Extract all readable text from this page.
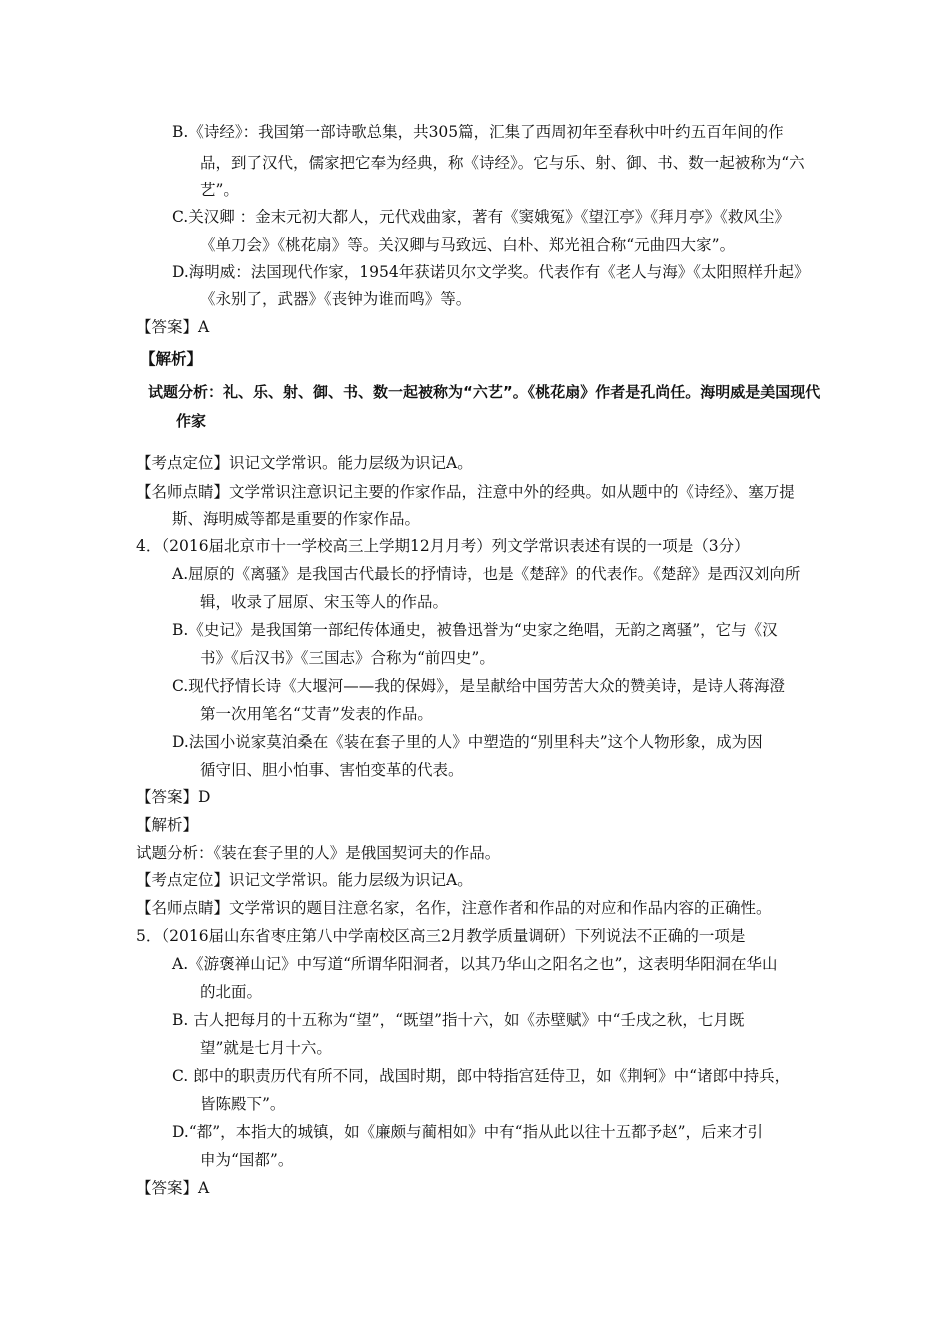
B.《诗经》：我国第一部诗歌总集，共305篇，汇集了西周初年至春秋中叶约五百年间的作
品，到了汉代，儒家把它奉为经典，称《诗经》。它与乐、射、御、书、数一起被称为“六
艺”。
C.关汉卿 ：金末元初大都人，元代戏曲家，著有《窦娥冤》《望江亭》《拜月亭》《救风尘》
《单刀会》《桃花扇》等。关汉卿与马致远、白朴、郑光祖合称“元曲四大家”。
D.海明威：法国现代作家，1954年获诺贝尔文学奖。代表作有《老人与海》《太阳照样升起》
《永别了，武器》《丧钟为谁而鸣》等。
【答案】A
【解析】
试题分析：礼、乐、射、御、书、数一起被称为“六艺”。《桃花扇》作者是孔尚任。海明威是美国现代
作家
【考点定位】识记文学常识。能力层级为识记A。
【名师点睛】文学常识注意识记主要的作家作品，注意中外的经典。如从题中的《诗经》、塞万提
斯、海明威等都是重要的作家作品。
4．（2016届北京市十一学校高三上学期12月月考）列文学常识表述有误的一项是（3分）
A.屈原的《离骚》是我国古代最长的抒情诗，也是《楚辞》的代表作。《楚辞》是西汉刘向所
辑，收录了屈原、宋玉等人的作品。
B.《史记》是我国第一部纪传体通史，被鲁迅誉为“史家之绝唱，无韵之离骚”，它与《汉
书》《后汉书》《三国志》合称为“前四史”。
C.现代抒情长诗《大堰河——我的保姆》，是呈献给中国劳苦大众的赞美诗，是诗人蒋海澄
第一次用笔名“艾青”发表的作品。
D.法国小说家莫泊桑在《装在套子里的人》中塑造的“别里科夫”这个人物形象，成为因
循守旧、胆小怕事、害怕变革的代表。
【答案】D
【解析】
试题分析：《装在套子里的人》是俄国契诃夫的作品。
【考点定位】识记文学常识。能力层级为识记A。
【名师点睛】文学常识的题目注意名家，名作，注意作者和作品的对应和作品内容的正确性。
5．（2016届山东省枣庄第八中学南校区高三2月教学质量调研）下列说法不正确的一项是
A.《游褒禅山记》中写道“所谓华阳洞者，以其乃华山之阳名之也”，这表明华阳洞在华山
的北面。
B. 古人把每月的十五称为“望”，“既望”指十六，如《赤壁赋》中“壬戌之秋，七月既
望”就是七月十六。
C. 郎中的职责历代有所不同，战国时期，郎中特指宫廷侍卫，如《荆轲》中“诸郎中持兵，
皆陈殿下”。
D.“都”，本指大的城镇，如《廉颇与蔺相如》中有“指从此以往十五都予赵”，后来才引
申为“国都”。
【答案】A
